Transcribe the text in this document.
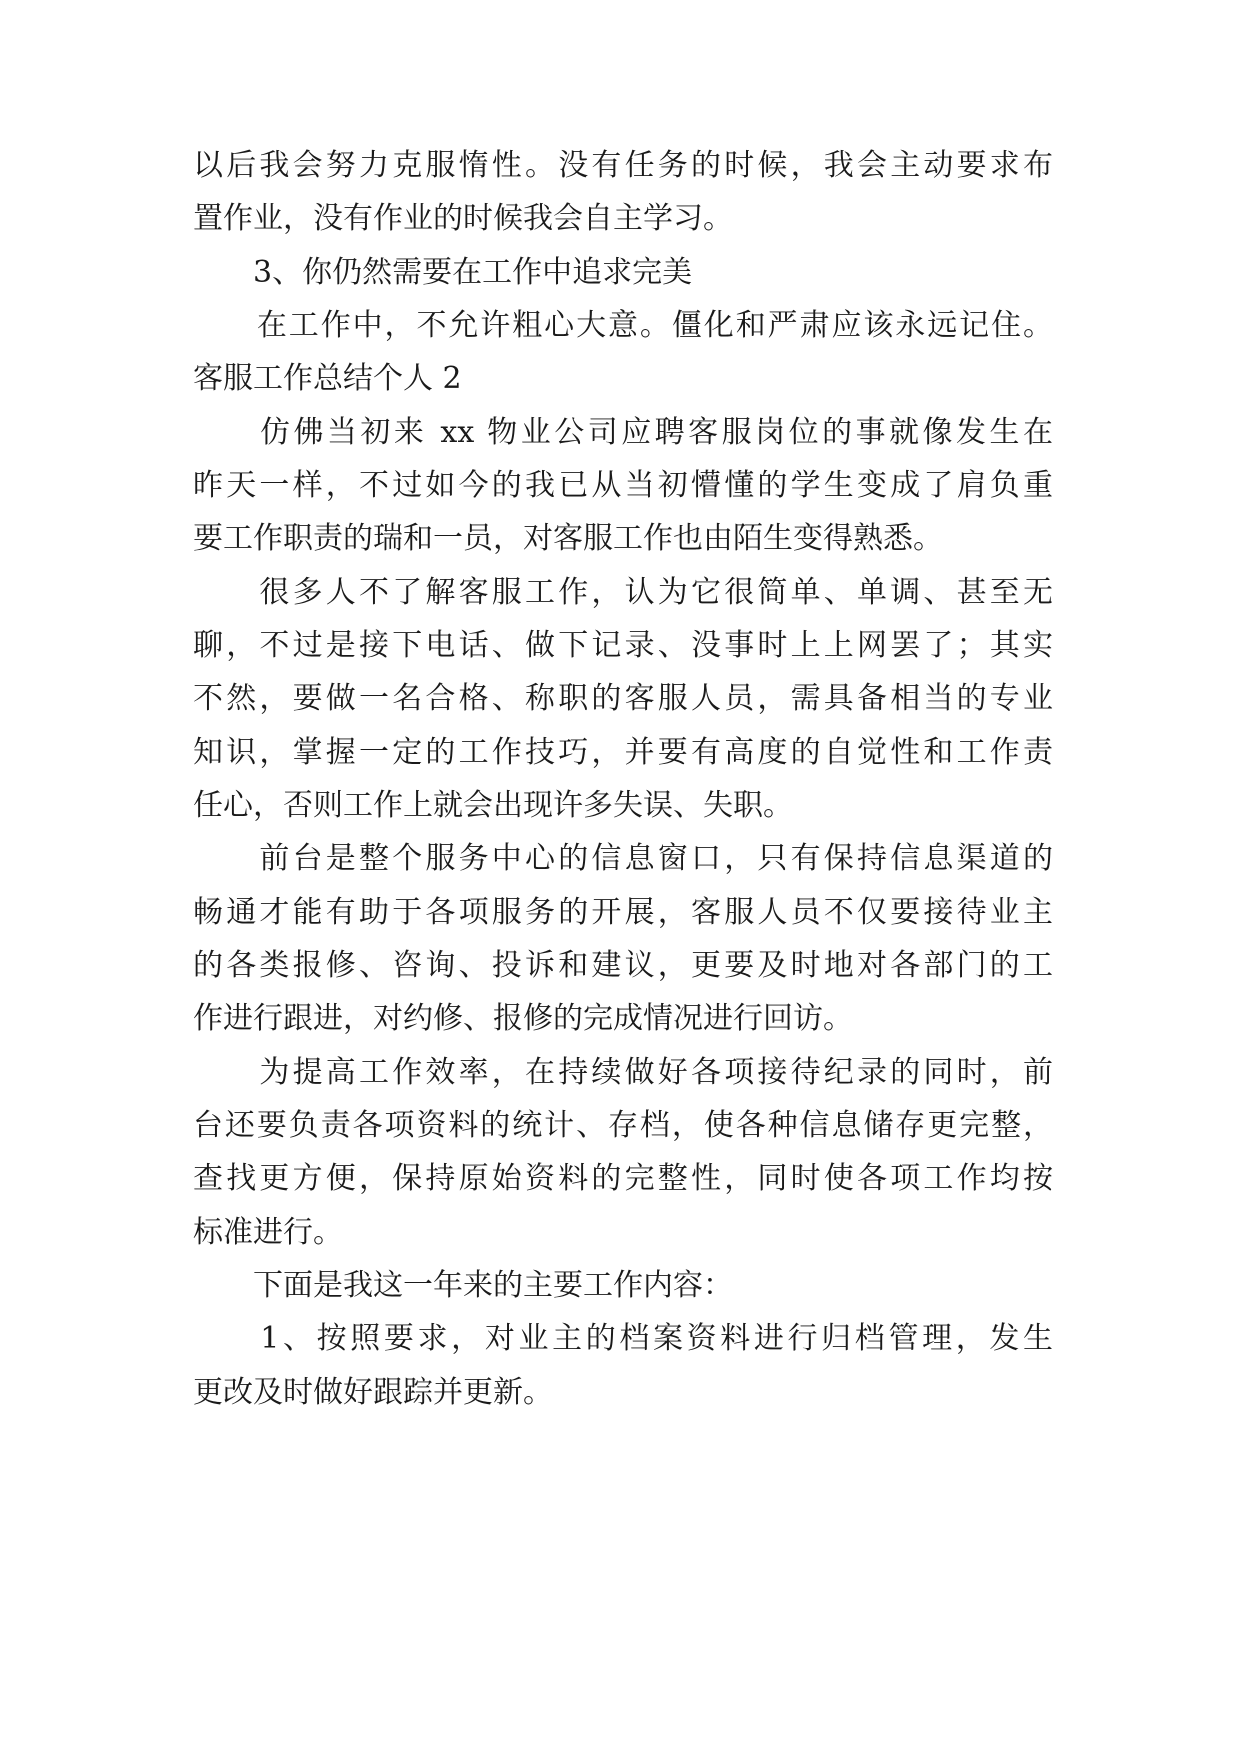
以后我会努力克服惰性。没有任务的时候，我会主动要求布
置作业，没有作业的时候我会自主学习。
　　3、你仍然需要在工作中追求完美
　　在工作中，不允许粗心大意。僵化和严肃应该永远记住。
客服工作总结个人 2
　　仿佛当初来 xx 物业公司应聘客服岗位的事就像发生在
昨天一样，不过如今的我已从当初懵懂的学生变成了肩负重
要工作职责的瑞和一员，对客服工作也由陌生变得熟悉。
　　很多人不了解客服工作，认为它很简单、单调、甚至无
聊，不过是接下电话、做下记录、没事时上上网罢了；其实
不然，要做一名合格、称职的客服人员，需具备相当的专业
知识，掌握一定的工作技巧，并要有高度的自觉性和工作责
任心，否则工作上就会出现许多失误、失职。
　　前台是整个服务中心的信息窗口，只有保持信息渠道的
畅通才能有助于各项服务的开展，客服人员不仅要接待业主
的各类报修、咨询、投诉和建议，更要及时地对各部门的工
作进行跟进，对约修、报修的完成情况进行回访。
　　为提高工作效率，在持续做好各项接待纪录的同时，前
台还要负责各项资料的统计、存档，使各种信息储存更完整，
查找更方便，保持原始资料的完整性，同时使各项工作均按
标准进行。
　　下面是我这一年来的主要工作内容：
　　1、按照要求，对业主的档案资料进行归档管理，发生
更改及时做好跟踪并更新。
